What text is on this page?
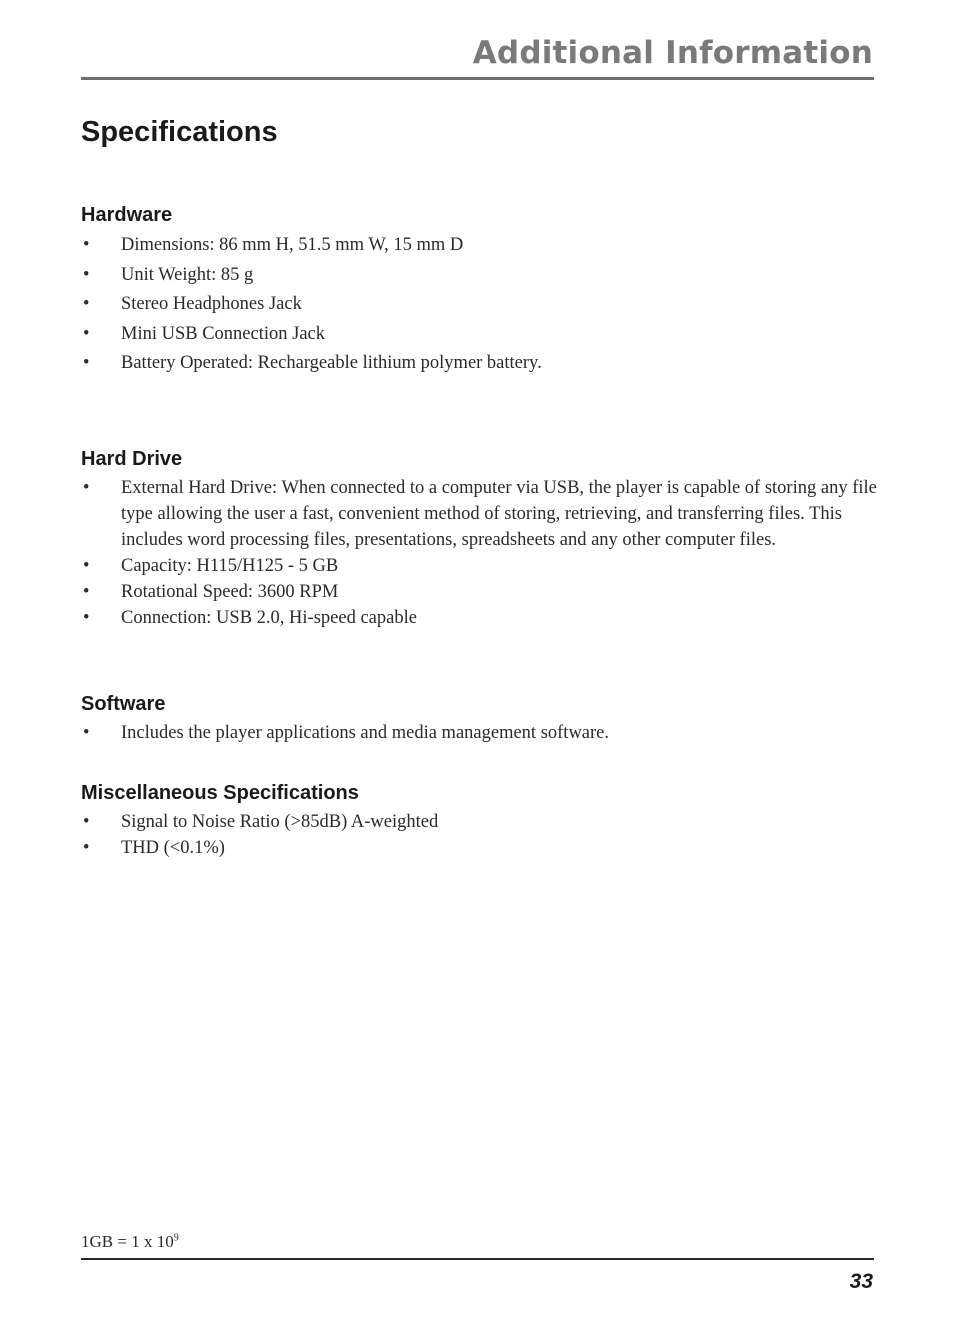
Additional Information
Specifications
Hardware
• Dimensions: 86 mm H, 51.5 mm W, 15 mm D
• Unit Weight: 85 g
• Stereo Headphones Jack
• Mini USB Connection Jack
• Battery Operated: Rechargeable lithium polymer battery.
Hard Drive
• External Hard Drive: When connected to a computer via USB, the player is capable of storing any file type allowing the user a fast, convenient method of storing, retrieving, and transferring files. This includes word processing files, presentations, spreadsheets and any other computer files.
• Capacity: H115/H125 - 5 GB
• Rotational Speed: 3600 RPM
• Connection: USB 2.0, Hi-speed capable
Software
• Includes the player applications and media management software.
Miscellaneous Specifications
• Signal to Noise Ratio (>85dB) A-weighted
• THD (<0.1%)
1GB = 1 x $10^9$
33
